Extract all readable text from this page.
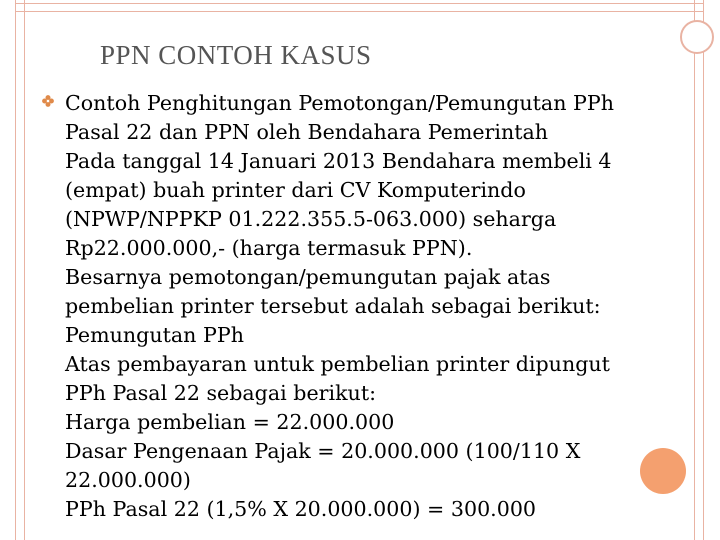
PPN CONTOH KASUS
Contoh Penghitungan Pemotongan/Pemungutan PPh
Pasal 22 dan PPN oleh Bendahara Pemerintah
Pada tanggal 14 Januari 2013 Bendahara membeli 4
(empat) buah printer dari CV Komputerindo
(NPWP/NPPKP 01.222.355.5-063.000) seharga
Rp22.000.000,- (harga termasuk PPN).
Besarnya pemotongan/pemungutan pajak atas
pembelian printer tersebut adalah sebagai berikut:
Pemungutan PPh
Atas pembayaran untuk pembelian printer dipungut
PPh Pasal 22 sebagai berikut:
Harga pembelian = 22.000.000
Dasar Pengenaan Pajak = 20.000.000 (100/110 X
22.000.000)
PPh Pasal 22 (1,5% X 20.000.000) = 300.000
